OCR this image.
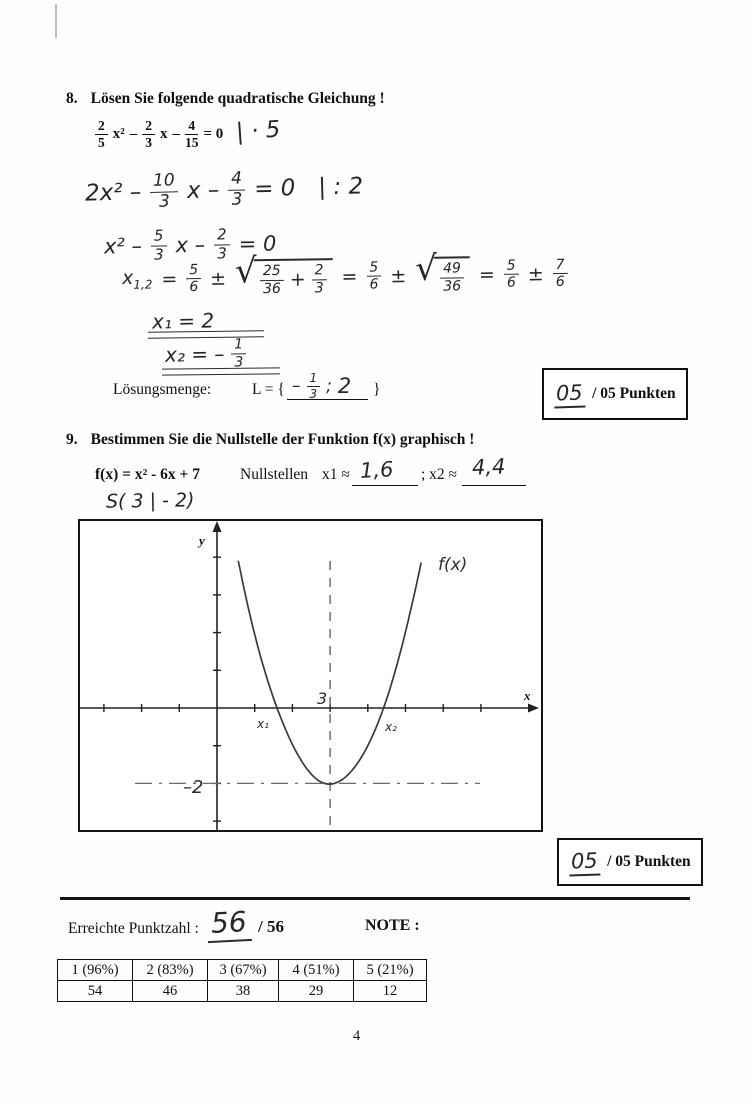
8. Lösen Sie folgende quadratische Gleichung !
2
5
x² –
2
3
$x - \frac{4}{15} = 0$ | · 5
2x² – 10
3 $x - \frac{4}{3} = 0$ | : 2
x² – 5
3 $x - \frac{2}{3} = 0$
$x_{1,2} = \frac{5}{6}$ ± √ 25
$36 + \frac{2}{3} = \frac{5}{6}$ ± √ 49
36
= $\frac{5}{6} \pm \frac{7}{6}$
x₁ = 2
x₂ = – 1
3
Lösungsmenge:	L = { – 1
3 ; 2 }	05 / 05 Punkten
9. Bestimmen Sie die Nullstelle der Funktion f(x) graphisch !
f(x) = x² - 6x + 7	Nullstellen x1 ≈ 1,6 ; x2 ≈ 4,4
S( 3 | - 2)
y
x
3
–2
x₁	x₂
f(x)
05 / 05 Punkten
Erreichte Punktzahl : 56 / 56	NOTE :
1 (96%)	2 (83%)	3 (67%)	4 (51%)	5 (21%)
54	46	38	29	12
4
